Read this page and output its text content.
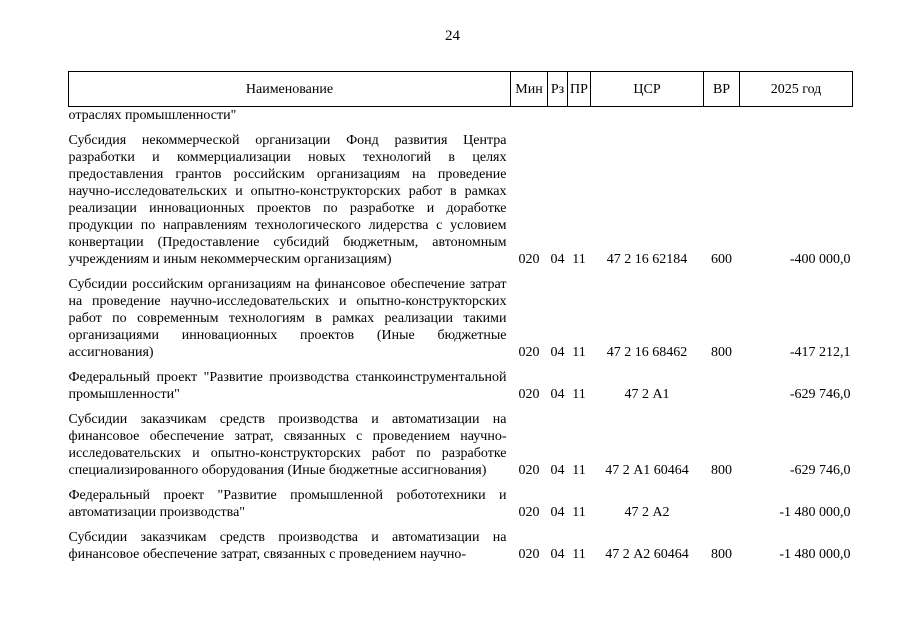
24
Наименование	Мин	Рз	ПР	ЦСР	ВР	2025 год
отраслях промышленности"						

Субсидия некоммерческой организации Фонд развития Центра разработки и коммерциализации новых технологий в целях предоставления грантов российским организациям на проведение научно-исследовательских и опытно-конструкторских работ в рамках реализации инновационных проектов по разработке и доработке продукции по направлениям технологического лидерства с условием конвертации (Предоставление субсидий бюджетным, автономным учреждениям и иным некоммерческим организациям)	020	04	11	47 2 16 62184	600	-400 000,0

Субсидии российским организациям на финансовое обеспечение затрат на проведение научно-исследовательских и опытно-конструкторских работ по современным технологиям в рамках реализации такими организациями инновационных проектов (Иные бюджетные ассигнования)	020	04	11	47 2 16 68462	800	-417 212,1

Федеральный проект "Развитие производства станкоинструментальной промышленности"	020	04	11	47 2 А1		-629 746,0

Субсидии заказчикам средств производства и автоматизации на финансовое обеспечение затрат, связанных с проведением научно-исследовательских и опытно-конструкторских работ по разработке специализированного оборудования (Иные бюджетные ассигнования)	020	04	11	47 2 А1 60464	800	-629 746,0

Федеральный проект "Развитие промышленной робототехники и автоматизации производства"	020	04	11	47 2 А2		-1 480 000,0

Субсидии заказчикам средств производства и автоматизации на финансовое обеспечение затрат, связанных с проведением научно-	020	04	11	47 2 А2 60464	800	-1 480 000,0
